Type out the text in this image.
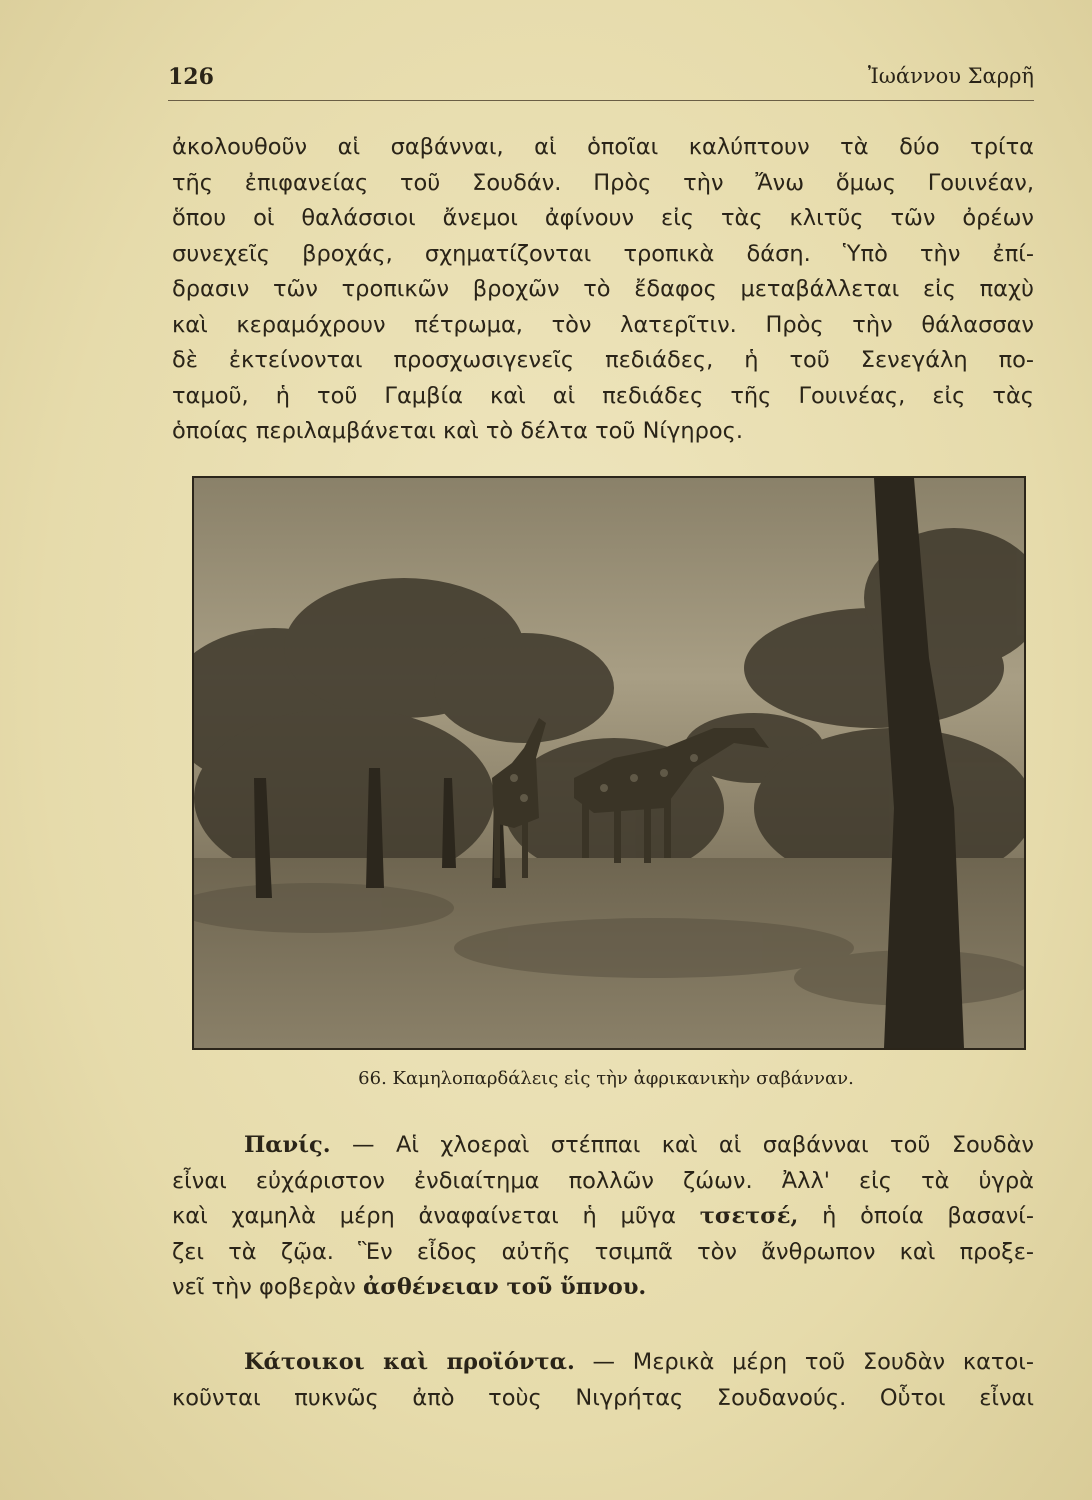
126	Ἰωάννου Σαρρῆ
ἀκολουθοῦν αἱ σαβάνναι, αἱ ὁποῖαι καλύπτουν τὰ δύο τρίτα
τῆς ἐπιφανείας τοῦ Σουδάν. Πρὸς τὴν Ἄνω ὅμως Γουινέαν,
ὅπου οἱ θαλάσσιοι ἄνεμοι ἀφίνουν εἰς τὰς κλιτῦς τῶν ὀρέων
συνεχεῖς βροχάς, σχηματίζονται τροπικὰ δάση. Ὑπὸ τὴν ἐπί-
δρασιν τῶν τροπικῶν βροχῶν τὸ ἔδαφος μεταβάλλεται εἰς παχὺ
καὶ κεραμόχρουν πέτρωμα, τὸν λατερῖτιν. Πρὸς τὴν θάλασσαν
δὲ ἐκτείνονται προσχωσιγενεῖς πεδιάδες, ἡ τοῦ Σενεγάλη πο-
ταμοῦ, ἡ τοῦ Γαμβία καὶ αἱ πεδιάδες τῆς Γουινέας, εἰς τὰς
ὁποίας περιλαμβάνεται καὶ τὸ δέλτα τοῦ Νίγηρος.
66. Καμηλοπαρδάλεις εἰς τὴν ἀφρικανικὴν σαβάνναν.
Πανίς. — Αἱ χλοεραὶ στέππαι καὶ αἱ σαβάνναι τοῦ Σουδὰν
εἶναι εὐχάριστον ἐνδιαίτημα πολλῶν ζώων. Ἀλλ' εἰς τὰ ὑγρὰ
καὶ χαμηλὰ μέρη ἀναφαίνεται ἡ μῦγα τσετσέ, ἡ ὁποία βασανί-
ζει τὰ ζῷα. Ἓν εἶδος αὐτῆς τσιμπᾶ τὸν ἄνθρωπον καὶ προξε-
νεῖ τὴν φοβερὰν ἀσθένειαν τοῦ ὕπνου.
Κάτοικοι καὶ προϊόντα. — Μερικὰ μέρη τοῦ Σουδὰν κατοι-
κοῦνται πυκνῶς ἀπὸ τοὺς Νιγρήτας Σουδανούς. Οὗτοι εἶναι
